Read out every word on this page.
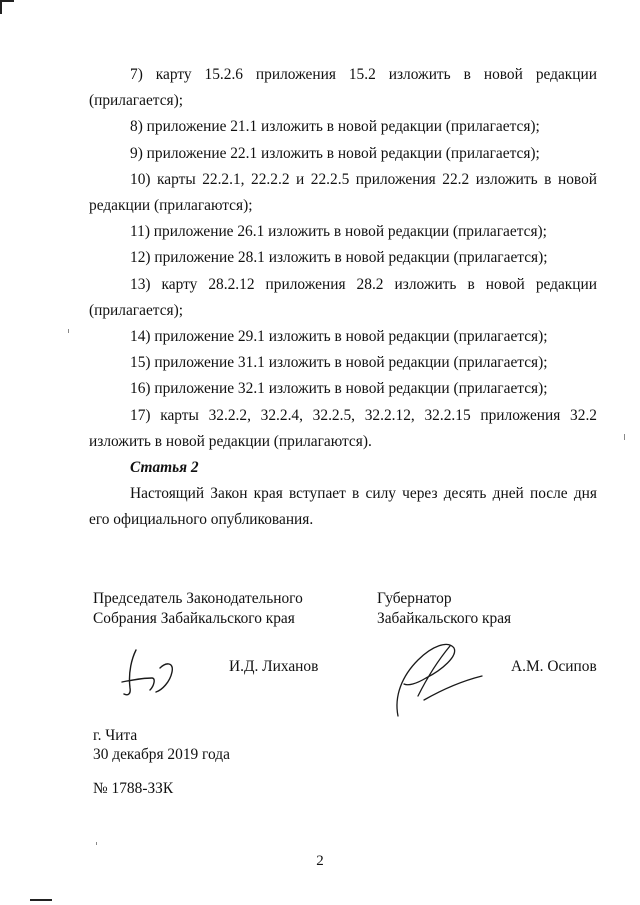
7) карту 15.2.6 приложения 15.2 изложить в новой редакции (прилагается);

8) приложение 21.1 изложить в новой редакции (прилагается);

9) приложение 22.1 изложить в новой редакции (прилагается);

10) карты 22.2.1, 22.2.2 и 22.2.5 приложения 22.2 изложить в новой редакции (прилагаются);

11) приложение 26.1 изложить в новой редакции (прилагается);

12) приложение 28.1 изложить в новой редакции (прилагается);

13) карту 28.2.12 приложения 28.2 изложить в новой редакции (прилагается);

14) приложение 29.1 изложить в новой редакции (прилагается);

15) приложение 31.1 изложить в новой редакции (прилагается);

16) приложение 32.1 изложить в новой редакции (прилагается);

17) карты 32.2.2, 32.2.4, 32.2.5, 32.2.12, 32.2.15 приложения 32.2 изложить в новой редакции (прилагаются).

Статья 2

Настоящий Закон края вступает в силу через десять дней после дня его официального опубликования.

Председатель Законодательного
Собрания Забайкальского края
И.Д. Лиханов
Губернатор
Забайкальского края
А.М. Осипов
г. Чита
30 декабря 2019 года
№ 1788-ЗЗК
2
